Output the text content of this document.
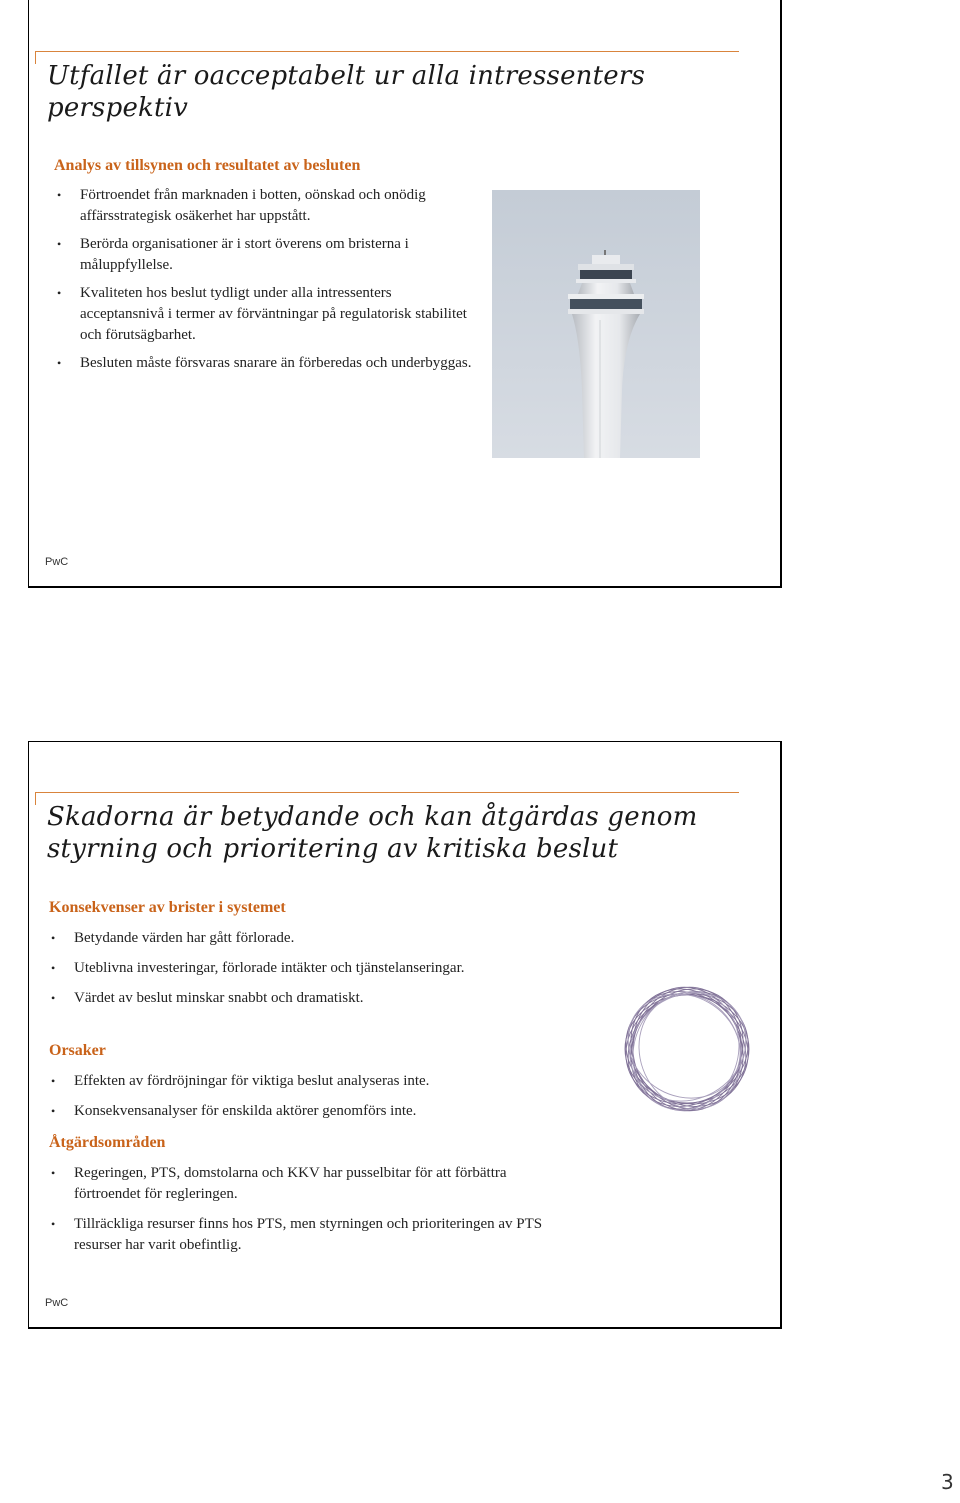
Utfallet är oacceptabelt ur alla intressenters perspektiv
Analys av tillsynen och resultatet av besluten
• Förtroendet från marknaden i botten, oönskad och onödig affärsstrategisk osäkerhet har uppstått.
• Berörda organisationer är i stort överens om bristerna i måluppfyllelse.
• Kvaliteten hos beslut tydligt under alla intressenters acceptansnivå i termer av förväntningar på regulatorisk stabilitet och förutsägbarhet.
• Besluten måste försvaras snarare än förberedas och underbyggas.
PwC
Skadorna är betydande och kan åtgärdas genom styrning och prioritering av kritiska beslut
Konsekvenser av brister i systemet
• Betydande värden har gått förlorade.
• Uteblivna investeringar, förlorade intäkter och tjänstelanseringar.
• Värdet av beslut minskar snabbt och dramatiskt.
Orsaker
• Effekten av fördröjningar för viktiga beslut analyseras inte.
• Konsekvensanalyser för enskilda aktörer genomförs inte.
Åtgärdsområden
• Regeringen, PTS, domstolarna och KKV har pusselbitar för att förbättra förtroendet för regleringen.
• Tillräckliga resurser finns hos PTS, men styrningen och prioriteringen av PTS resurser har varit obefintlig.
PwC
3
